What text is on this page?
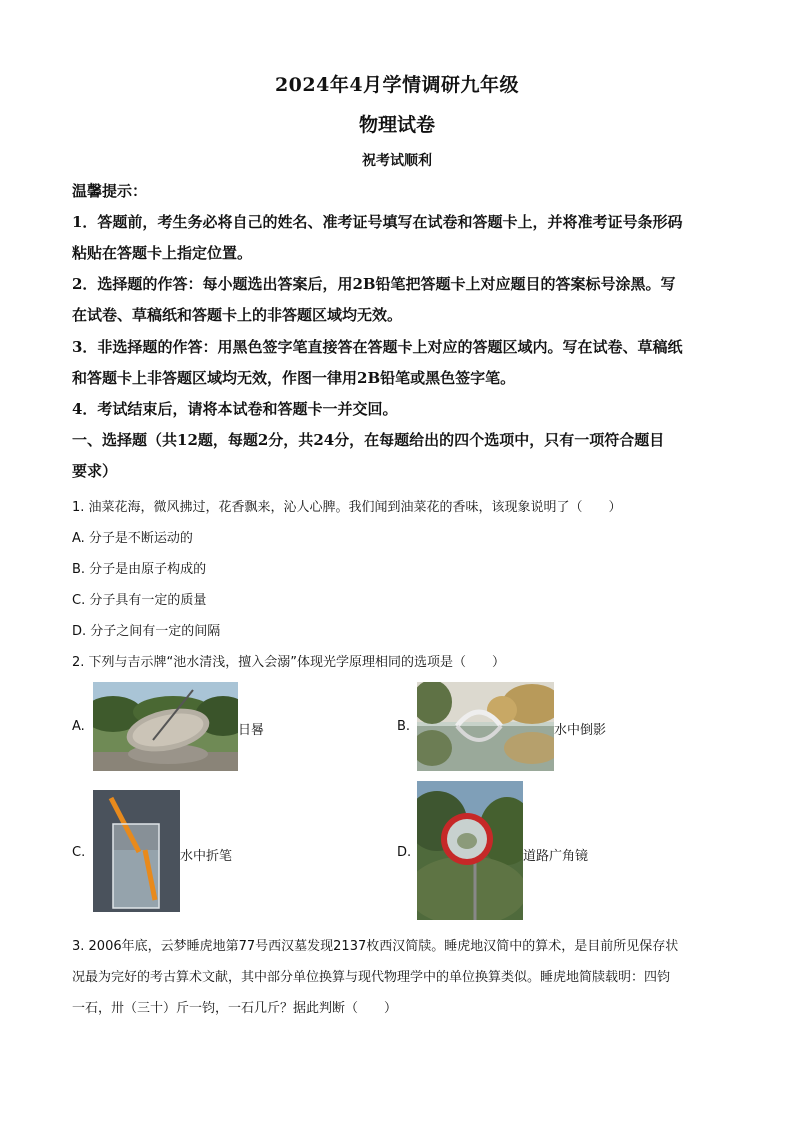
2024年4月学情调研九年级
物理试卷
祝考试顺利
温馨提示：
1．答题前，考生务必将自己的姓名、准考证号填写在试卷和答题卡上，并将准考证号条形码
粘贴在答题卡上指定位置。
2．选择题的作答：每小题选出答案后，用2B铅笔把答题卡上对应题目的答案标号涂黑。写
在试卷、草稿纸和答题卡上的非答题区域均无效。
3．非选择题的作答：用黑色签字笔直接答在答题卡上对应的答题区域内。写在试卷、草稿纸
和答题卡上非答题区域均无效，作图一律用2B铅笔或黑色签字笔。
4．考试结束后，请将本试卷和答题卡一并交回。
一、选择题（共12题，每题2分，共24分，在每题给出的四个选项中，只有一项符合题目
要求）
1. 油菜花海，微风拂过，花香飘来，沁人心脾。我们闻到油菜花的香味，该现象说明了（　　）
A. 分子是不断运动的
B. 分子是由原子构成的
C. 分子具有一定的质量
D. 分子之间有一定的间隔
2. 下列与吉示牌“池水清浅，擅入会溺”体现光学原理相同的选项是（　　）
A.	日晷	B.	水中倒影
C.	水中折笔	D.	道路广角镜
3. 2006年底，云梦睡虎地第77号西汉墓发现2137枚西汉简牍。睡虎地汉简中的算术，是目前所见保存状
况最为完好的考古算术文献，其中部分单位换算与现代物理学中的单位换算类似。睡虎地简牍载明：四钧
一石，卅（三十）斤一钧，一石几斤？据此判断（　　）
